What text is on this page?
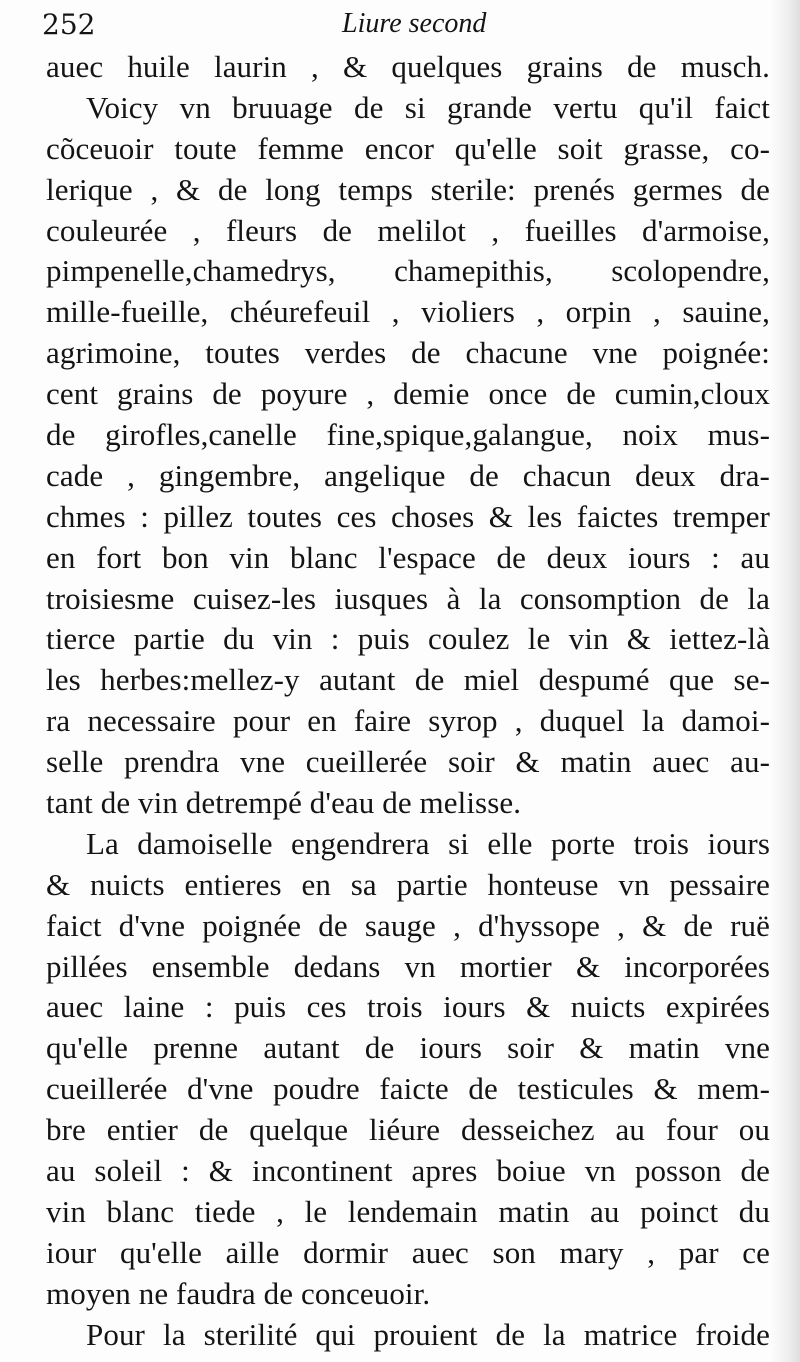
252	Liure second
auec huile laurin , & quelques grains de musch.
Voicy vn bruuage de si grande vertu qu'il faict
cõceuoir toute femme encor qu'elle soit grasse, co-
lerique , & de long temps sterile: prenés germes de
couleurée , fleurs de melilot , fueilles d'armoise,
pimpenelle,chamedrys, chamepithis, scolopendre,
mille-fueille, chéurefeuil , violiers , orpin , sauine,
agrimoine, toutes verdes de chacune vne poignée:
cent grains de poyure , demie once de cumin,cloux
de girofles,canelle fine,spique,galangue, noix mus-
cade , gingembre, angelique de chacun deux dra-
chmes : pillez toutes ces choses & les faictes tremper
en fort bon vin blanc l'espace de deux iours : au
troisiesme cuisez-les iusques à la consomption de la
tierce partie du vin : puis coulez le vin & iettez-là
les herbes:mellez-y autant de miel despumé que se-
ra necessaire pour en faire syrop , duquel la damoi-
selle prendra vne cueillerée soir & matin auec au-
tant de vin detrempé d'eau de melisse.
La damoiselle engendrera si elle porte trois iours
& nuicts entieres en sa partie honteuse vn pessaire
faict d'vne poignée de sauge , d'hyssope , & de ruë
pillées ensemble dedans vn mortier & incorporées
auec laine : puis ces trois iours & nuicts expirées
qu'elle prenne autant de iours soir & matin vne
cueillerée d'vne poudre faicte de testicules & mem-
bre entier de quelque liéure desseichez au four ou
au soleil : & incontinent apres boiue vn posson de
vin blanc tiede , le lendemain matin au poinct du
iour qu'elle aille dormir auec son mary , par ce
moyen ne faudra de conceuoir.
Pour la sterilité qui prouient de la matrice froide
